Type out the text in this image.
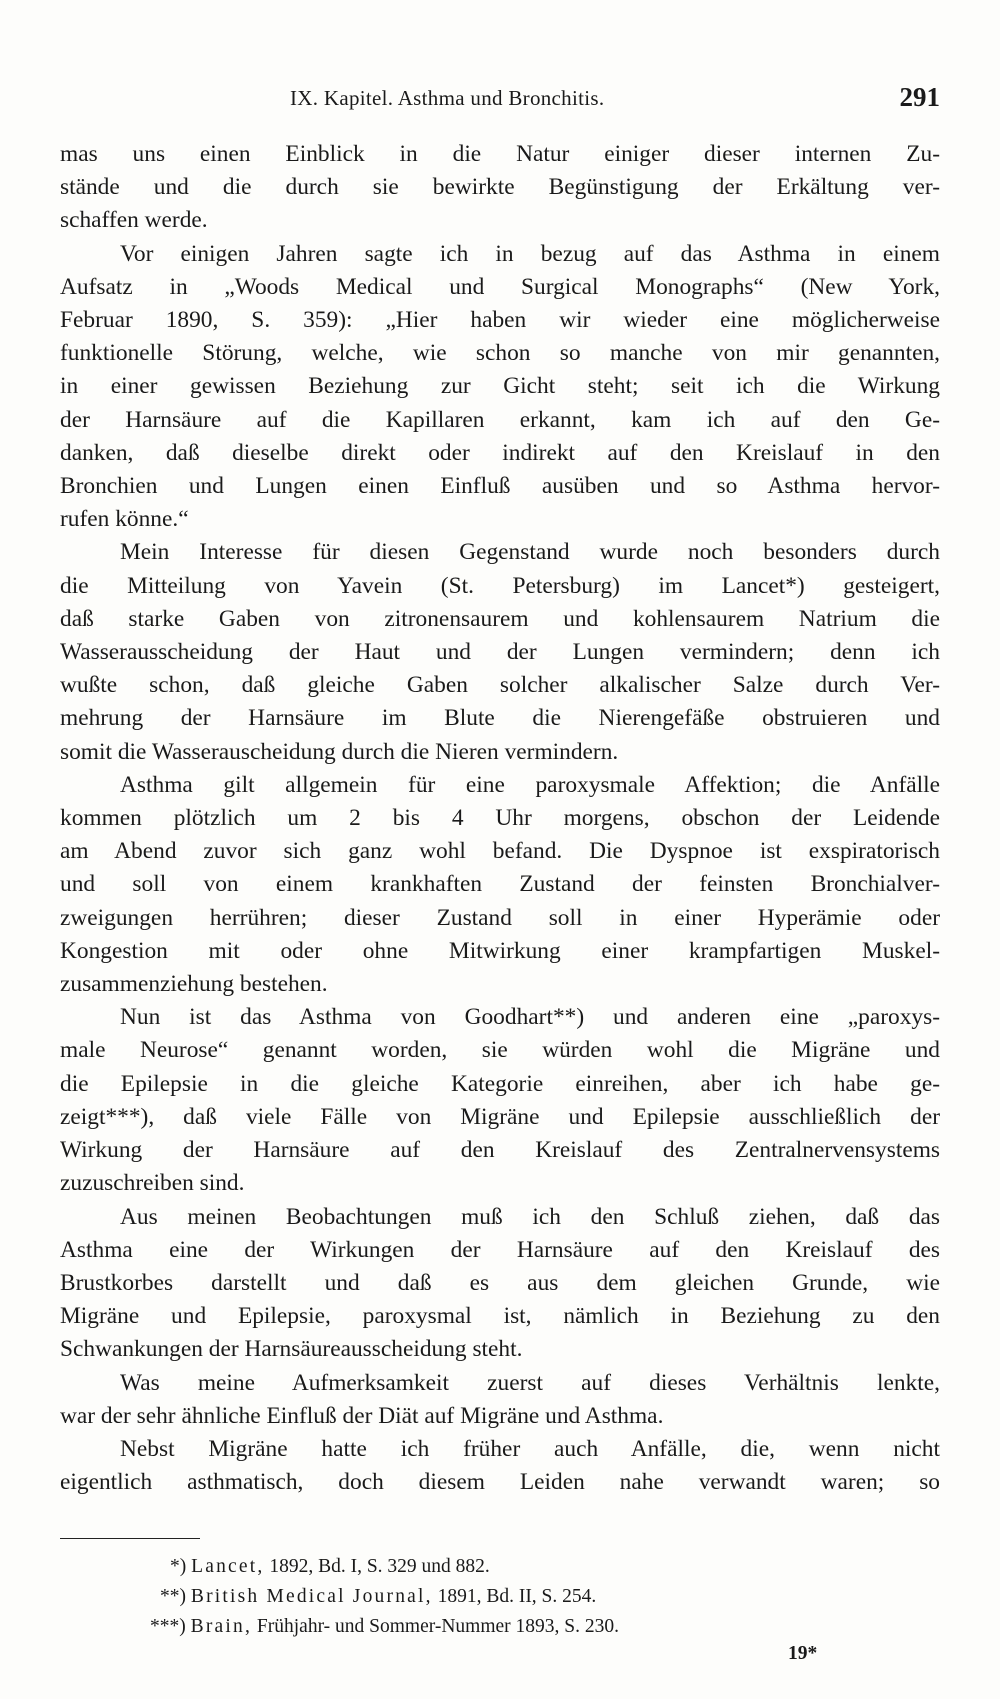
IX. Kapitel. Asthma und Bronchitis.	291

mas uns einen Einblick in die Natur einiger dieser internen Zu-
stände und die durch sie bewirkte Begünstigung der Erkältung ver-
schaffen werde.

Vor einigen Jahren sagte ich in bezug auf das Asthma in einem
Aufsatz in „Woods Medical und Surgical Monographs“ (New York,
Februar 1890, S. 359): „Hier haben wir wieder eine möglicherweise
funktionelle Störung, welche, wie schon so manche von mir genannten,
in einer gewissen Beziehung zur Gicht steht; seit ich die Wirkung
der Harnsäure auf die Kapillaren erkannt, kam ich auf den Ge-
danken, daß dieselbe direkt oder indirekt auf den Kreislauf in den
Bronchien und Lungen einen Einfluß ausüben und so Asthma hervor-
rufen könne.“

Mein Interesse für diesen Gegenstand wurde noch besonders durch
die Mitteilung von Yavein (St. Petersburg) im Lancet*) gesteigert,
daß starke Gaben von zitronensaurem und kohlensaurem Natrium die
Wasserausscheidung der Haut und der Lungen vermindern; denn ich
wußte schon, daß gleiche Gaben solcher alkalischer Salze durch Ver-
mehrung der Harnsäure im Blute die Nierengefäße obstruieren und
somit die Wasserauscheidung durch die Nieren vermindern.

Asthma gilt allgemein für eine paroxysmale Affektion; die Anfälle
kommen plötzlich um 2 bis 4 Uhr morgens, obschon der Leidende
am Abend zuvor sich ganz wohl befand. Die Dyspnoe ist exspiratorisch
und soll von einem krankhaften Zustand der feinsten Bronchialver-
zweigungen herrühren; dieser Zustand soll in einer Hyperämie oder
Kongestion mit oder ohne Mitwirkung einer krampfartigen Muskel-
zusammenziehung bestehen.

Nun ist das Asthma von Goodhart**) und anderen eine „paroxys-
male Neurose“ genannt worden, sie würden wohl die Migräne und
die Epilepsie in die gleiche Kategorie einreihen, aber ich habe ge-
zeigt***), daß viele Fälle von Migräne und Epilepsie ausschließlich der
Wirkung der Harnsäure auf den Kreislauf des Zentralnervensystems
zuzuschreiben sind.

Aus meinen Beobachtungen muß ich den Schluß ziehen, daß das
Asthma eine der Wirkungen der Harnsäure auf den Kreislauf des
Brustkorbes darstellt und daß es aus dem gleichen Grunde, wie
Migräne und Epilepsie, paroxysmal ist, nämlich in Beziehung zu den
Schwankungen der Harnsäureausscheidung steht.

Was meine Aufmerksamkeit zuerst auf dieses Verhältnis lenkte,
war der sehr ähnliche Einfluß der Diät auf Migräne und Asthma.

Nebst Migräne hatte ich früher auch Anfälle, die, wenn nicht
eigentlich asthmatisch, doch diesem Leiden nahe verwandt waren; so

*) Lancet, 1892, Bd. I, S. 329 und 882.
**) British Medical Journal, 1891, Bd. II, S. 254.
***) Brain, Frühjahr- und Sommer-Nummer 1893, S. 230.
19*
